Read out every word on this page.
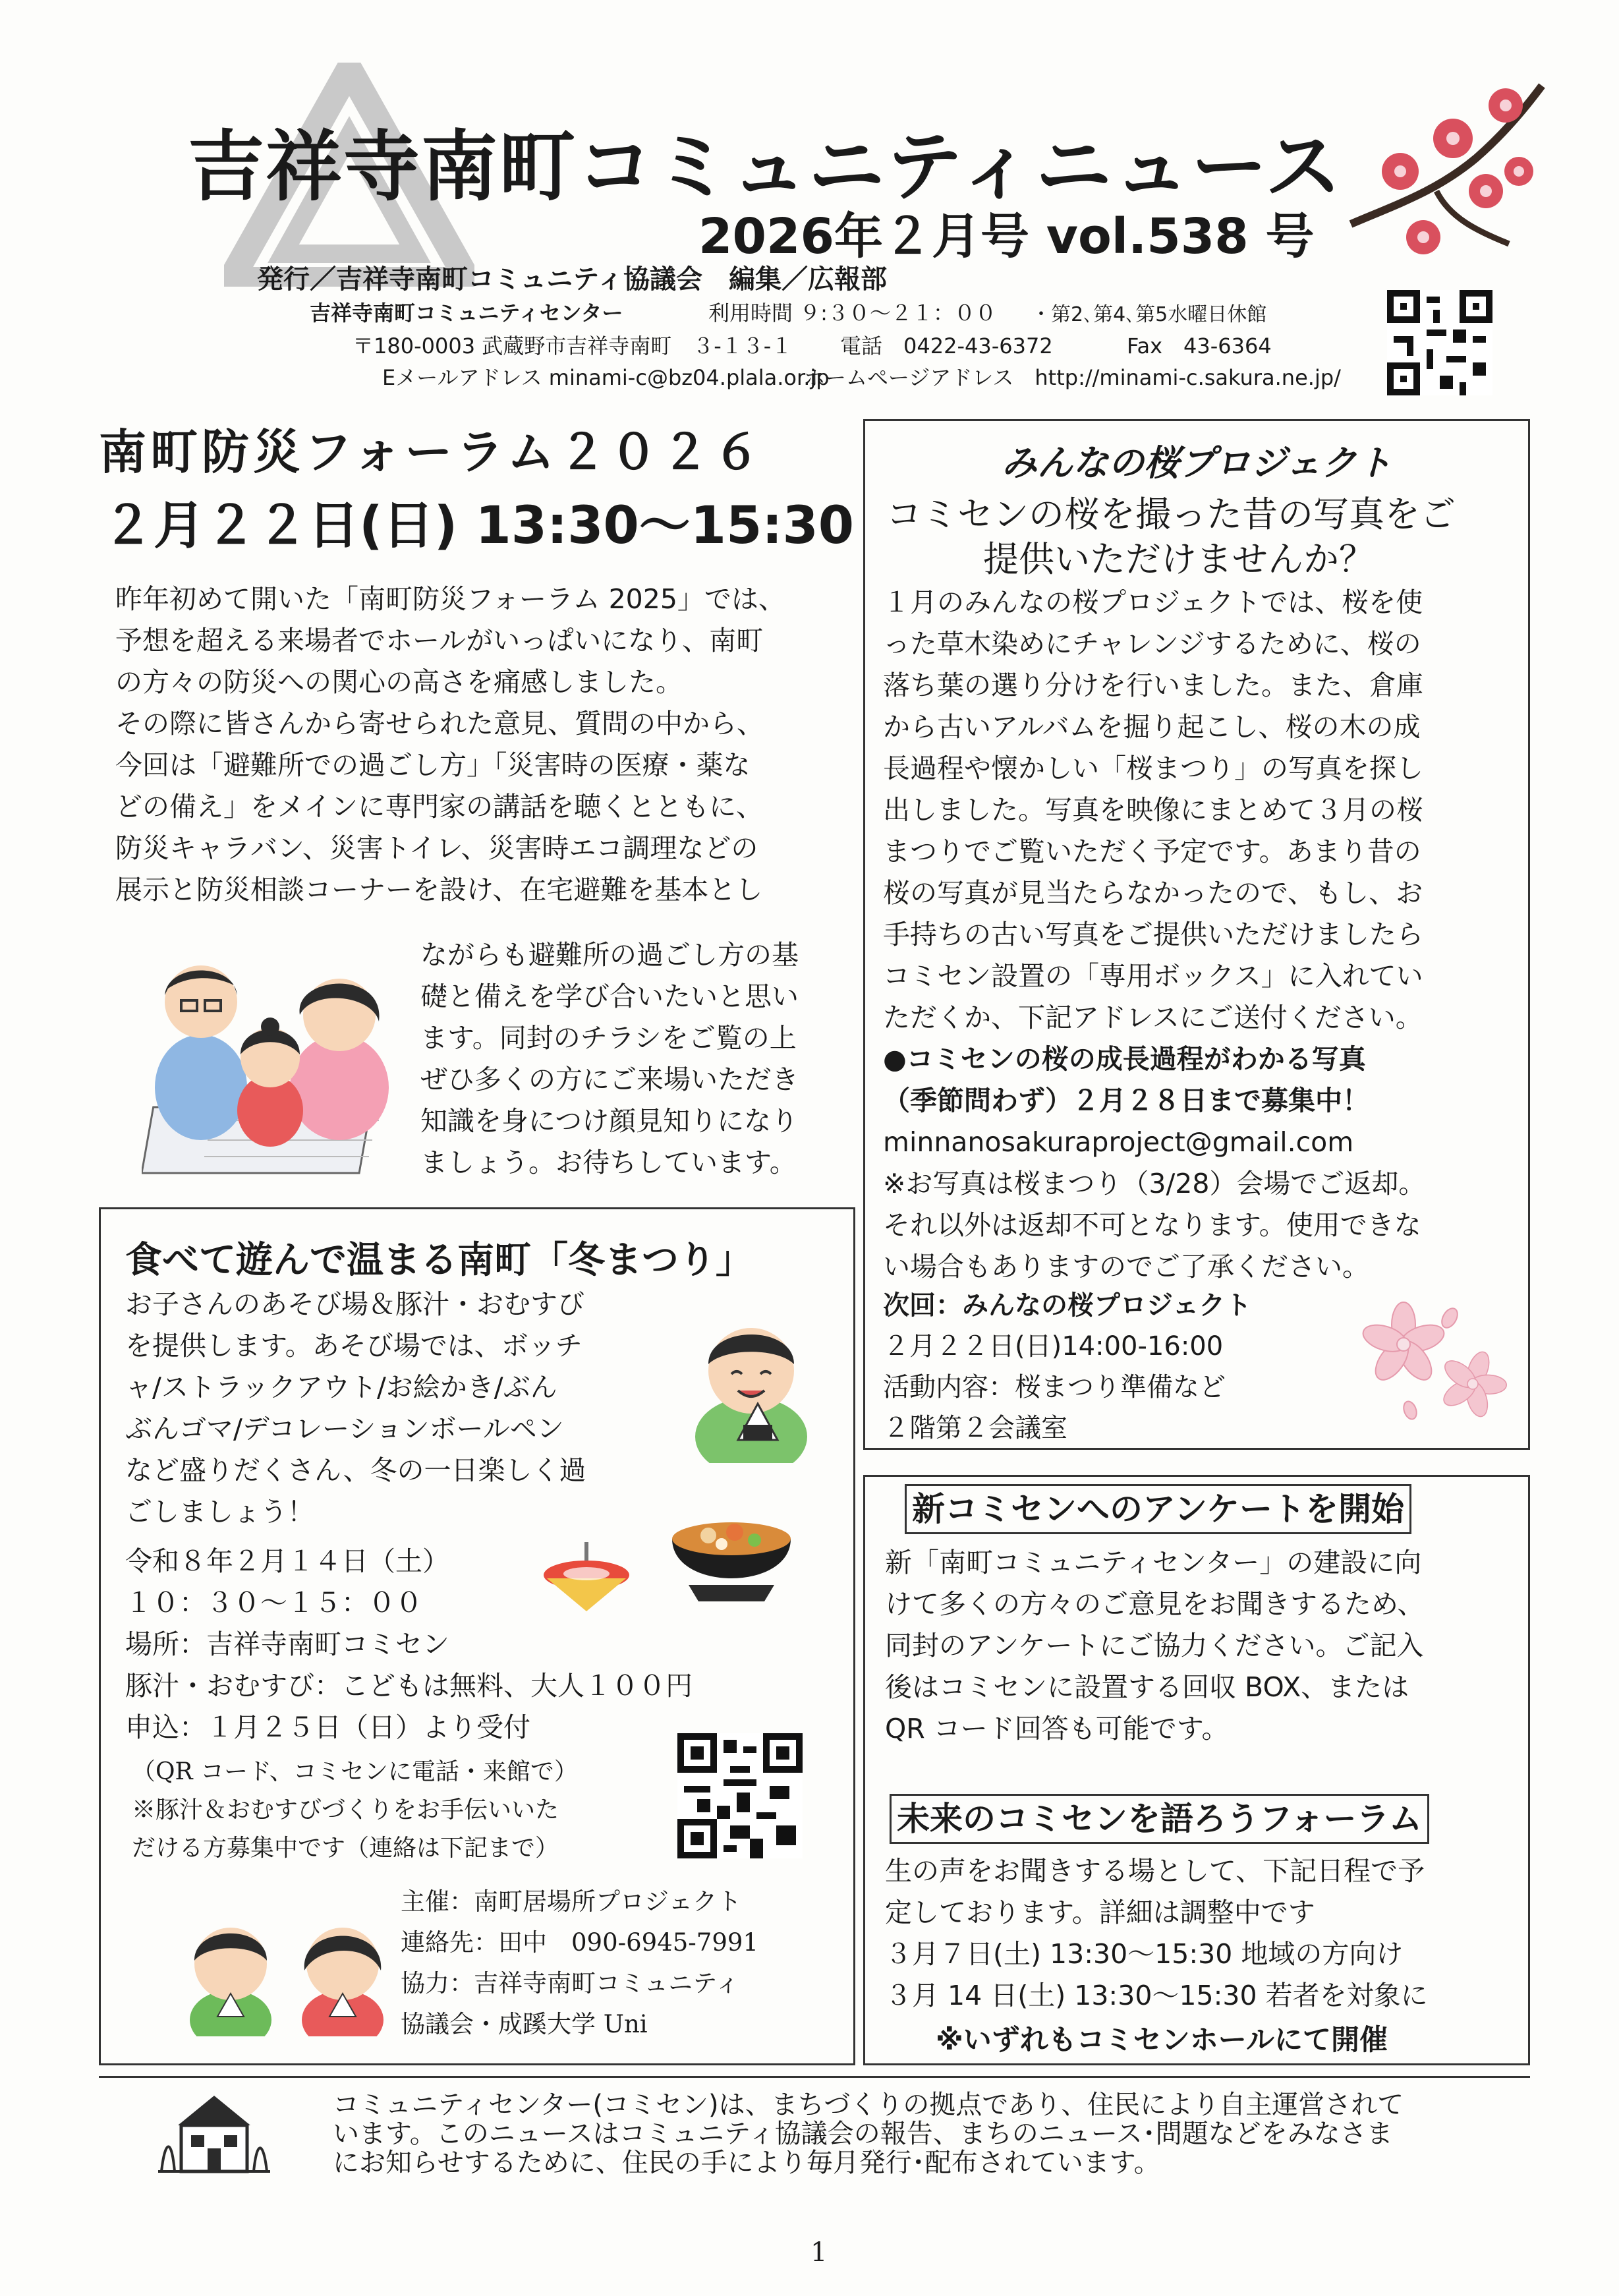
吉祥寺南町コミュニティニュース
2026年２月号 vol.538 号
発行／吉祥寺南町コミュニティ協議会　編集／広報部
吉祥寺南町コミュニティセンター	利用時間 ９:３０～２１：００ ・第2､第4､第5水曜日休館
〒180-0003 武蔵野市吉祥寺南町　３-１３-１ 電話　0422-43-6372	Fax　43-6364
Eメールアドレス minami-c@bz04.plala.or.jp
ホームページアドレス　http://minami-c.sakura.ne.jp/
南町防災フォーラム２０２６
２月２２日(日) 13:30～15:30
昨年初めて開いた「南町防災フォーラム 2025」では、
予想を超える来場者でホールがいっぱいになり、南町
の方々の防災への関心の高さを痛感しました。
その際に皆さんから寄せられた意見、質問の中から、
今回は「避難所での過ごし方」「災害時の医療・薬な
どの備え」をメインに専門家の講話を聴くとともに、
防災キャラバン、災害トイレ、災害時エコ調理などの
展示と防災相談コーナーを設け、在宅避難を基本とし
ながらも避難所の過ごし方の基
礎と備えを学び合いたいと思い
ます。同封のチラシをご覧の上
ぜひ多くの方にご来場いただき
知識を身につけ顔見知りになり
ましょう。お待ちしています。
食べて遊んで温まる南町「冬まつり」
お子さんのあそび場＆豚汁・おむすび
を提供します。あそび場では、ボッチ
ャ/ストラックアウト/お絵かき/ぶん
ぶんゴマ/デコレーションボールペン
など盛りだくさん、冬の一日楽しく過
ごしましょう！
令和８年２月１４日（土）
１０：３０～１５：００
場所：吉祥寺南町コミセン
豚汁・おむすび：こどもは無料、大人１００円
申込：１月２５日（日）より受付
（QR コード、コミセンに電話・来館で）
※豚汁＆おむすびづくりをお手伝いいた
だける方募集中です（連絡は下記まで）
主催：南町居場所プロジェクト
連絡先：田中　090-6945-7991
協力：吉祥寺南町コミュニティ
協議会・成蹊大学 Uni
みんなの桜プロジェクト
コミセンの桜を撮った昔の写真をご
提供いただけませんか？
１月のみんなの桜プロジェクトでは、桜を使
った草木染めにチャレンジするために、桜の
落ち葉の選り分けを行いました。また、倉庫
から古いアルバムを掘り起こし、桜の木の成
長過程や懐かしい「桜まつり」の写真を探し
出しました。写真を映像にまとめて３月の桜
まつりでご覧いただく予定です。あまり昔の
桜の写真が見当たらなかったので、もし、お
手持ちの古い写真をご提供いただけましたら
コミセン設置の「専用ボックス」に入れてい
ただくか、下記アドレスにご送付ください。
●コミセンの桜の成長過程がわかる写真
（季節問わず）２月２８日まで募集中！
minnanosakuraproject@gmail.com
※お写真は桜まつり（3/28）会場でご返却。
それ以外は返却不可となります。使用できな
い場合もありますのでご了承ください。
次回：みんなの桜プロジェクト
２月２２日(日)14:00-16:00
活動内容：桜まつり準備など
２階第２会議室
新コミセンへのアンケートを開始
新「南町コミュニティセンター」の建設に向
けて多くの方々のご意見をお聞きするため、
同封のアンケートにご協力ください。ご記入
後はコミセンに設置する回収 BOX、または
QR コード回答も可能です。
未来のコミセンを語ろうフォーラム
生の声をお聞きする場として、下記日程で予
定しております。詳細は調整中です
３月７日(土) 13:30～15:30 地域の方向け
３月 14 日(土) 13:30～15:30 若者を対象に
※いずれもコミセンホールにて開催
コミュニティセンター(コミセン)は、まちづくりの拠点であり、住民により自主運営されて
います。このニュースはコミュニティ協議会の報告、まちのニュース･問題などをみなさま
にお知らせするために、住民の手により毎月発行･配布されています。
1
